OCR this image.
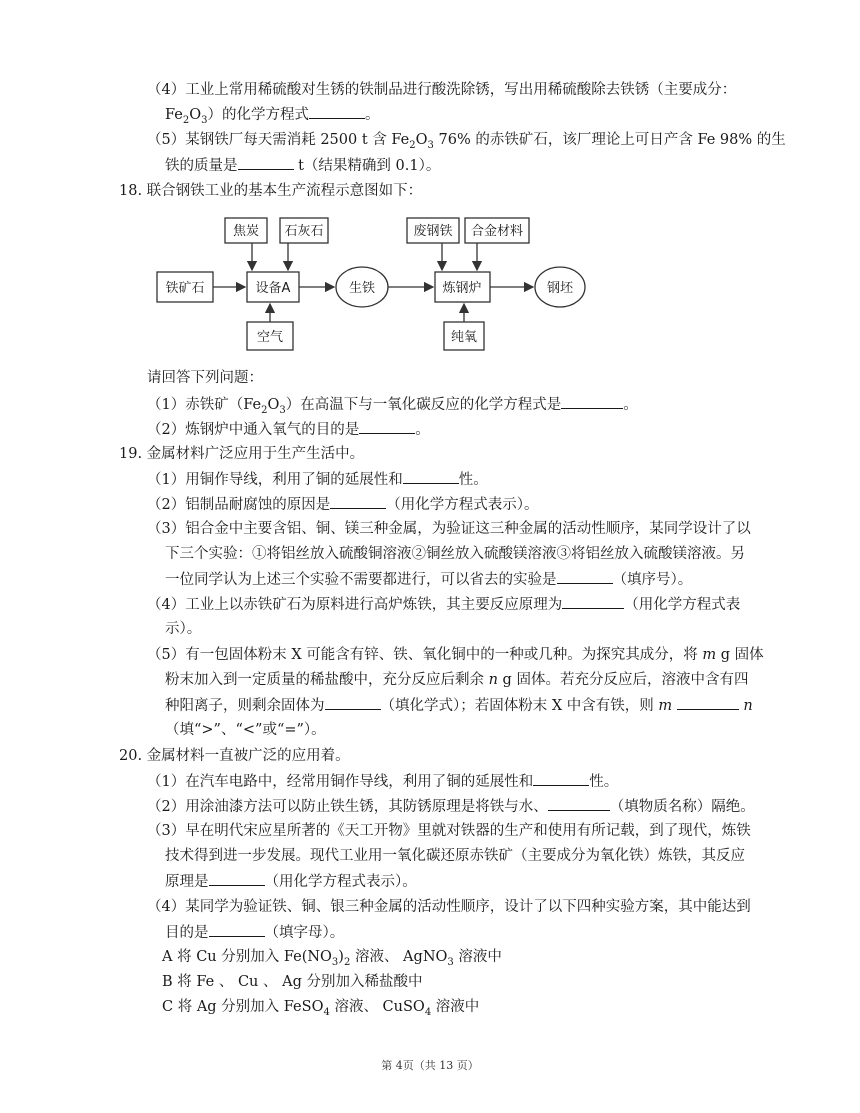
（4）工业上常用稀硫酸对生锈的铁制品进行酸洗除锈，写出用稀硫酸除去铁锈（主要成分：
$Fe_2O_3$）的化学方程式	。
（5）某钢铁厂每天需消耗 2500 t 含 $Fe_2O_3$ 76% 的赤铁矿石，该厂理论上可日产含 Fe 98% 的生
铁的质量是	t（结果精确到 0.1）。
18. 联合钢铁工业的基本生产流程示意图如下：
铁矿石
焦炭 石灰石
设备A
空气
生铁
废钢铁 合金材料
炼钢炉
纯氧
钢坯
请回答下列问题：
（1）赤铁矿$(Fe_2O_3)$在高温下与一氧化碳反应的化学方程式是	。
（2）炼钢炉中通入氧气的目的是	。
19. 金属材料广泛应用于生产生活中。
（1）用铜作导线，利用了铜的延展性和	性。
（2）铝制品耐腐蚀的原因是	（用化学方程式表示）。
（3）铝合金中主要含铝、铜、镁三种金属，为验证这三种金属的活动性顺序，某同学设计了以
下三个实验：①将铝丝放入硫酸铜溶液②铜丝放入硫酸镁溶液③将铝丝放入硫酸镁溶液。另
一位同学认为上述三个实验不需要都进行，可以省去的实验是	（填序号）。
（4）工业上以赤铁矿石为原料进行高炉炼铁，其主要反应原理为	（用化学方程式表
示）。
（5）有一包固体粉末 X 可能含有锌、铁、氧化铜中的一种或几种。为探究其成分，将 m g 固体
粉末加入到一定质量的稀盐酸中，充分反应后剩余 n g 固体。若充分反应后，溶液中含有四
种阳离子，则剩余固体为	（填化学式）；若固体粉末 X 中含有铁，则 m	n
（填“>”、“<”或“=”）。
20. 金属材料一直被广泛的应用着。
（1）在汽车电路中，经常用铜作导线，利用了铜的延展性和	性。
（2）用涂油漆方法可以防止铁生锈，其防锈原理是将铁与水、	（填物质名称）隔绝。
（3）早在明代宋应星所著的《天工开物》里就对铁器的生产和使用有所记载，到了现代，炼铁
技术得到进一步发展。现代工业用一氧化碳还原赤铁矿（主要成分为氧化铁）炼铁，其反应
原理是	（用化学方程式表示）。
（4）某同学为验证铁、铜、银三种金属的活动性顺序，设计了以下四种实验方案，其中能达到
目的是	（填字母）。
A 将 Cu 分别加入 $Fe(NO_3)_2$ 溶液、 AgNO$_3$ 溶液中
B 将 Fe 、 Cu 、 Ag 分别加入稀盐酸中
C 将 Ag 分别加入 FeSO$_4$ 溶液、 CuSO$_4$ 溶液中
第 4页（共 13 页）
